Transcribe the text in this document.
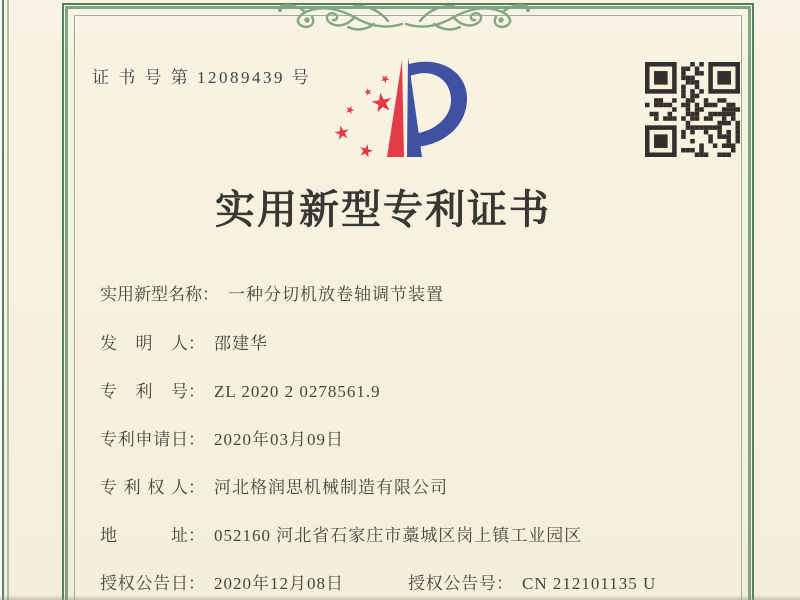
证 书 号 第 12089439 号
实用新型专利证书
实用新型名称： 一种分切机放卷轴调节装置
发明人： 邵建华
专利号： ZL 2020 2 0278561.9
专利申请日： 2020年03月09日
专利权人： 河北格润思机械制造有限公司
地址： 052160 河北省石家庄市藁城区岗上镇工业园区
授权公告日： 2020年12月08日	授权公告号： CN 212101135 U
